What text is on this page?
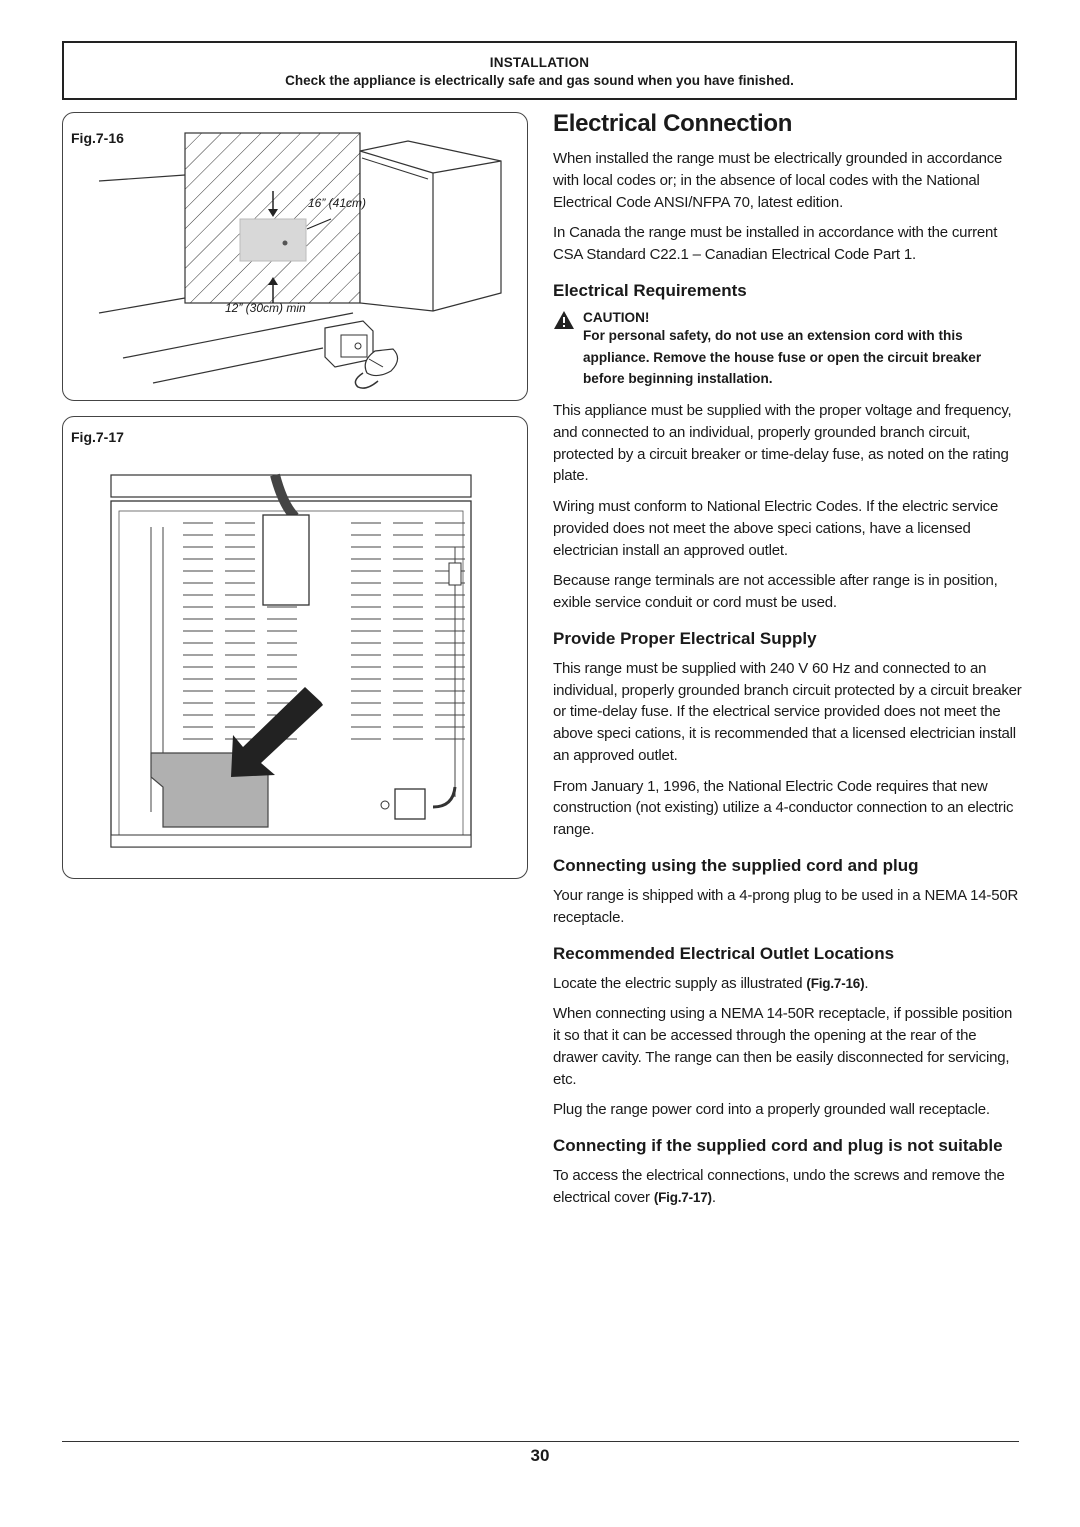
INSTALLATION
Check the appliance is electrically safe and gas sound when you have finished.
Fig.7-16
16” (41cm)
12” (30cm) min
Fig.7-17
Electrical Connection

When installed the range must be electrically grounded in accordance with local codes or; in the absence of local codes with the National Electrical Code ANSI/NFPA 70, latest edition.

In Canada the range must be installed in accordance with the current CSA Standard C22.1 – Canadian Electrical Code Part 1.

Electrical Requirements
CAUTION!
For personal safety, do not use an extension cord with this appliance. Remove the house fuse or open the circuit breaker before beginning installation.

This appliance must be supplied with the proper voltage and frequency, and connected to an individual, properly grounded branch circuit, protected by a circuit breaker or time-delay fuse, as noted on the rating plate.

Wiring must conform to National Electric Codes. If the electric service provided does not meet the above speci cations, have a licensed electrician install an approved outlet.

Because range terminals are not accessible after range is in position, exible service conduit or cord must be used.

Provide Proper Electrical Supply

This range must be supplied with 240 V 60 Hz and connected to an individual, properly grounded branch circuit protected by a circuit breaker or time-delay fuse. If the electrical service provided does not meet the above speci cations, it is recommended that a licensed electrician install an approved outlet.

From January 1, 1996, the National Electric Code requires that new construction (not existing) utilize a 4-conductor connection to an electric range.

Connecting using the supplied cord and plug

Your range is shipped with a 4-prong plug to be used in a NEMA 14-50R receptacle.

Recommended Electrical Outlet Locations

Locate the electric supply as illustrated (Fig.7-16).

When connecting using a NEMA 14-50R receptacle, if possible position it so that it can be accessed through the opening at the rear of the drawer cavity. The range can then be easily disconnected for servicing, etc.

Plug the range power cord into a properly grounded wall receptacle.

Connecting if the supplied cord and plug is not suitable

To access the electrical connections, undo the screws and remove the electrical cover (Fig.7-17).

30
